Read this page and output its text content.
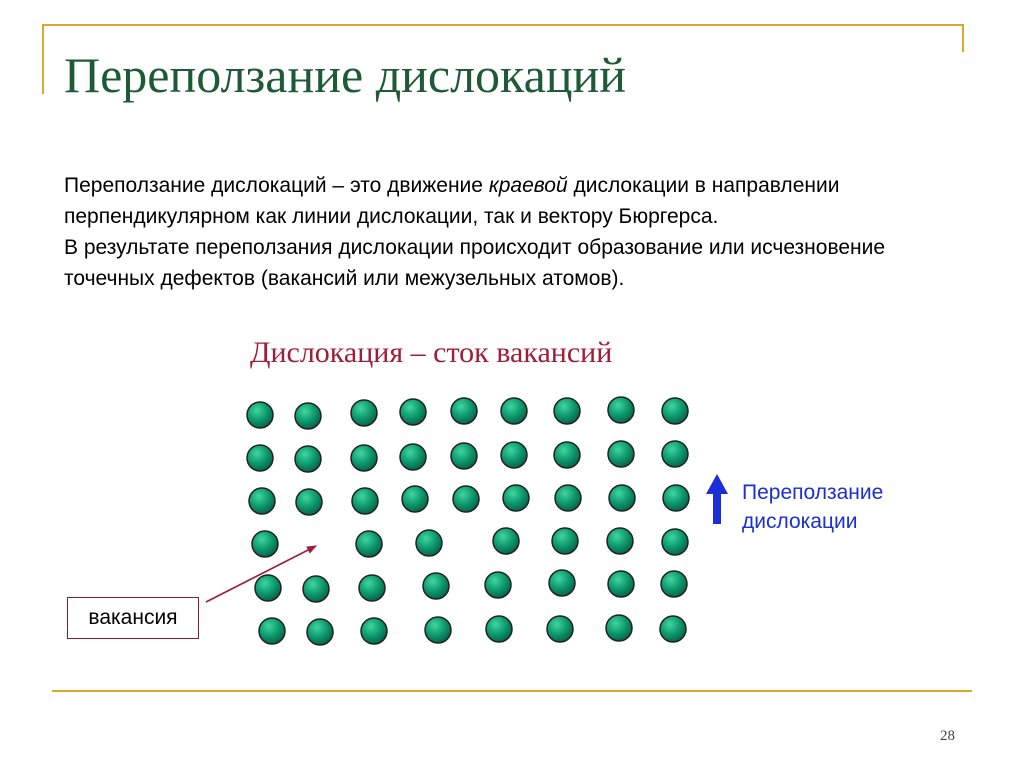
Переползание дислокаций

Переползание дислокаций – это движение краевой дислокации в направлении перпендикулярном как линии дислокации, так и вектору Бюргерса.

В результате переползания дислокации происходит образование или исчезновение точечных дефектов (вакансий или межузельных атомов).

Дислокация – сток вакансий
Переползание
дислокации
вакансия
28
